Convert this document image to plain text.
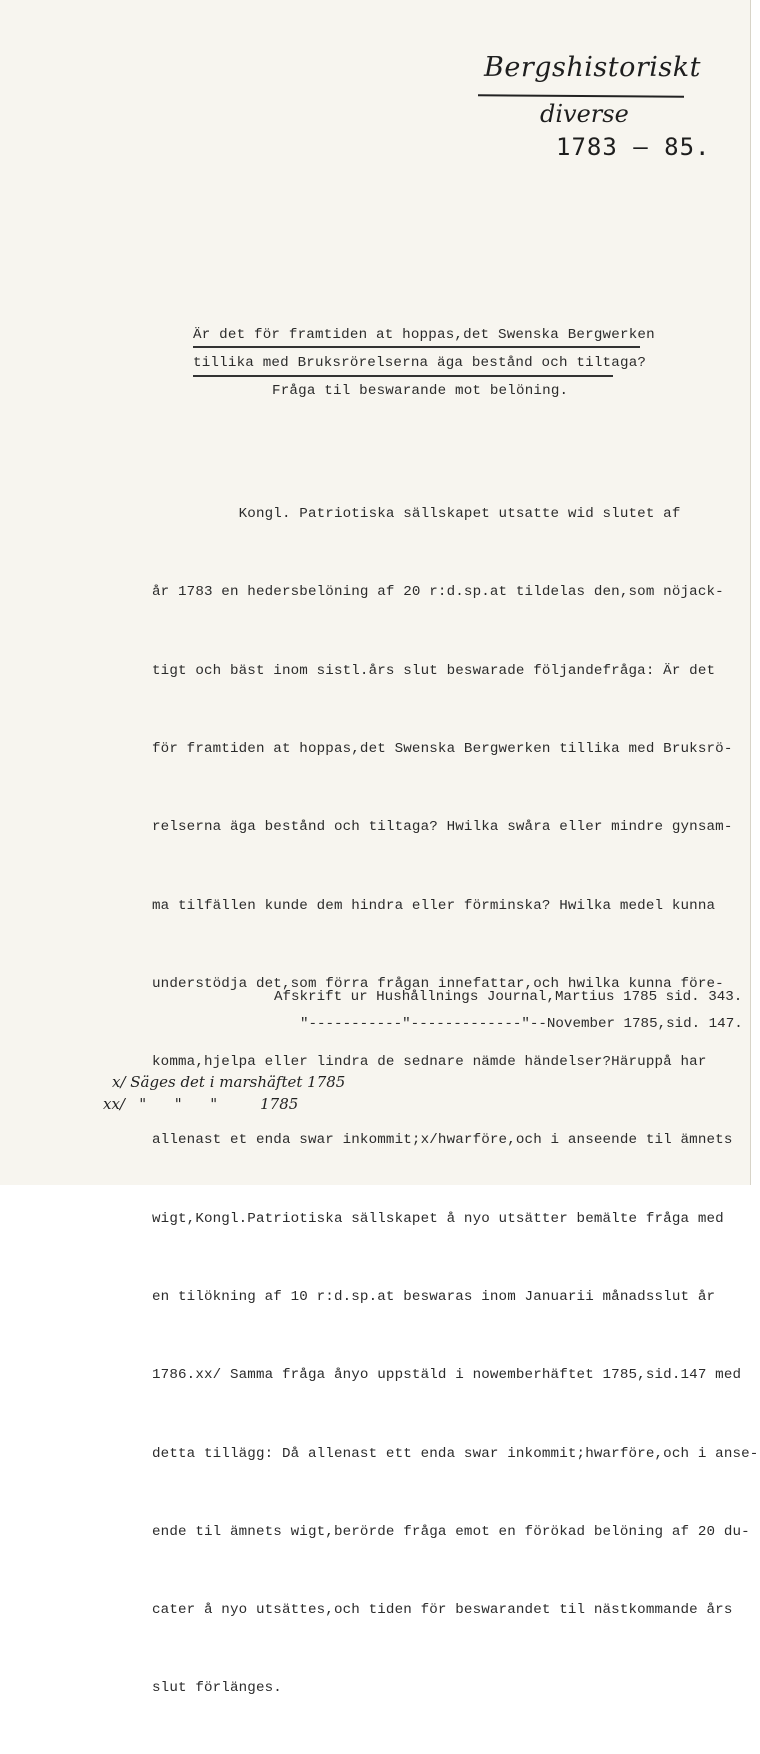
Bergshistoriskt
diverse
1783 – 85.
Är det för framtiden at hoppas,det Swenska Bergwerken
tillika med Bruksrörelserna äga bestånd och tiltaga?
Fråga til beswarande mot belöning.

Kongl. Patriotiska sällskapet utsatte wid slutet af

år 1783 en hedersbelöning af 20 r:d.sp.at tildelas den,som nöjack-

tigt och bäst inom sistl.års slut beswarade följandefråga: Är det

för framtiden at hoppas,det Swenska Bergwerken tillika med Bruksrö-

relserna äga bestånd och tiltaga? Hwilka swåra eller mindre gynsam-

ma tilfällen kunde dem hindra eller förminska? Hwilka medel kunna

understödja det,som förra frågan innefattar,och hwilka kunna före-

komma,hjelpa eller lindra de sednare nämde händelser?Häruppå har

allenast et enda swar inkommit;x/hwarföre,och i anseende til ämnets

wigt,Kongl.Patriotiska sällskapet å nyo utsätter bemälte fråga med

en tilökning af 10 r:d.sp.at beswaras inom Januarii månadsslut år

1786.xx/ Samma fråga ånyo uppstäld i nowemberhäftet 1785,sid.147 med

detta tillägg: Då allenast ett enda swar inkommit;hwarföre,och i anse-

ende til ämnets wigt,berörde fråga emot en förökad belöning af 20 du-

cater å nyo utsättes,och tiden för beswarandet til nästkommande års

slut förlänges.

Afskrift ur Hushållnings Journal,Martius 1785 sid. 343.
"-----------"-------------"--November 1785,sid. 147.
x/ Säges det i marshäftet 1785
xx/   "      "      "         1785
